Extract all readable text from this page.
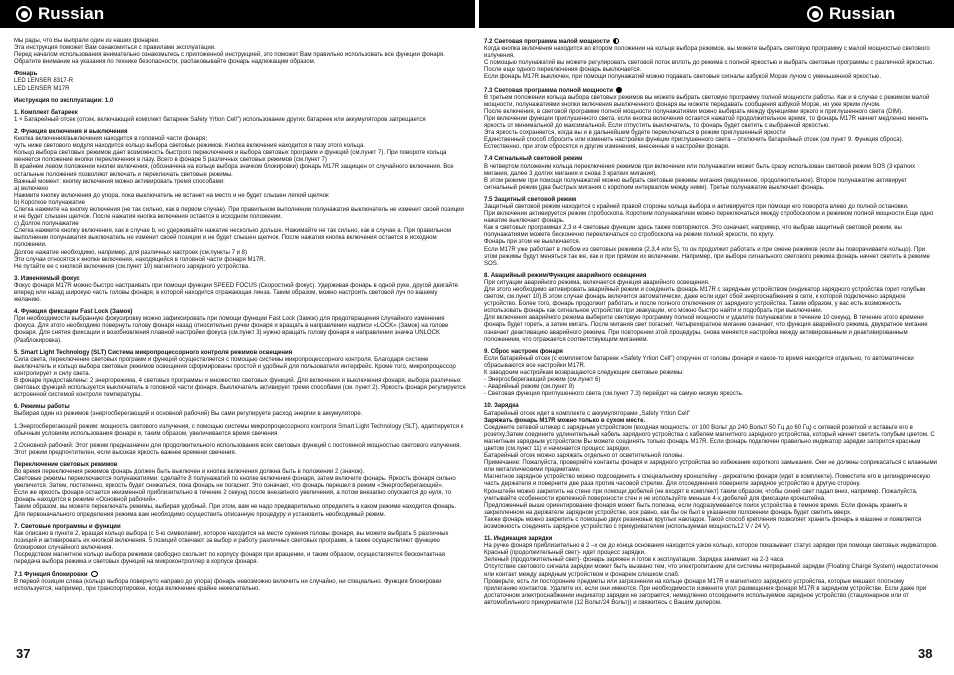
Russian	Russian

Мы рады, что Вы выбрали один из наших фонарей.

Эта инструкция поможет Вам ознакомиться с правилами эксплуатации.

Перед началом использования внимательно ознакомьтесь с приложенной инструкцией, это поможет Вам правильно использовать все функции фонаря.

Обратите внимание на указания по технике безопасности, распаковывайте фонарь надлежащим образом.

Фонарь

LED LENSER 8317-R

LED LENSER M17R

Инструкция по эксплуатации: 1.0

1. Комплект батареек

1 × Батарейный отсек (отсек, включающий комплект батареек Safety Yrtion Cell") использование других батареек или аккумуляторов запрещается

2. Функция включения и выключения

Кнопка включения/выключения находится в головной части фонаря;

чуть ниже светового модуля находится кольцо выбора световых режимов. Кнопка включения находится в пазу этого кольца.

Кольцо выбора световых режимов дает возможность быстрого переключения и выбора световых программ и функций (см.пункт 7). При повороте кольца меняется положение кнопки переключения в пазу. Всего в фонаре 5 различных световых режимов (см.пункт 7)

В крайнем левом положении кнопки включения, (обозначена на кольце выбора значком блокировки) фонарь M17R защищен от случайного включения. Все остальные положения позволяют включать и переключать световые режимы.

Важный момент: кнопку включения можно активировать тремя способами:

а) включено

Нажмите кнопку включения до упора, пока выключатель не встанет на место и не будет слышен легкий щелчок

b) Короткое полунажатие

Слегка нажмите на кнопку включения (не так сильно, как в первом случае). При правильном выполнении полунажатия выключатель не изменит своей позиции и не будет слышен щелчок. После нажатия кнопка включения остается в исходном положении.

с) Долгое полунажатие

Слегка нажмите кнопку включения, как в случае b, но удерживайте нажатие несколько дольше. Нажимайте не так сильно, как в случае а. При правильном выполнении полунажатия выключатель не изменит своей позиции и не будет слышен щелчок. После нажатия кнопка включения остается в исходном положении.

Долгое нажатие необходимо, например, для различных настроек (см.пункты 7 и 8)

Эти случаи относятся к кнопке включения, находящейся в головной части фонаря M17R.

Не путайте ее с кнопкой включения (см.пункт 10) магнитного зарядного устройства.

3. Изменяемый фокус

Фокус фонаря M17R можно быстро настраивать при помощи функции SPEED FOCUS (Скоростной фокус). Удерживая фонарь в одной руке, другой двигайте вперед или назад широкую часть головы фонаря, в которой находится отражающая линза. Таким образом, можно настроить световой луч по вашему желанию.

4. Функция фиксации Fast Lock (Замок)

При необходимости выбранную фокусировку можно зафиксировать при помощи функции Fast Lock (Замок) для предотвращения случайного изменения фокуса. Для этого необходимо повернуть голову фонаря назад относительно ручки фонаря и вращать в направлении надписи «LOCK» (Замок) на голове фонаря. Для снятия фиксации и возобновления плавной настройки фокуса (см.пункт 3) нужно вращать голову фонаря в направлении значка UNLOCK (Разблокировка).

5. Smart Light Technology (SLT) Система микропроцессорного контроля режимов освещения

Сила света, переключение световых программ и функций осуществляется с помощью системы микропроцессорного контроля. Благодаря системе выключатель и кольцо выбора световых режимов освещения сформированы простой и удобный для пользователя интерфейс. Кроме того, микропроцессор контролирует и силу света.

В фонаре предоставлены: 2 энергорежима, 4 световых программы и множество световых функций. Для включения и выключения фонаря, выбора различных световых функций используется выключатель в головной части фонаря. Выключатель активирует тремя способами (см. пункт 2). Яркость фонаря регулируется встроенной системой контроля температуры.

6. Режимы работы

Выбирая один из режимов (энергосберегающий и основной рабочий) Вы сами регулируете расход энергии в аккумуляторе.

1.Энергосберегающий режим: мощность светового излучения, с помощью системы микропроцессорного контроля Smart Light Technology (SLT), адаптируется к обычным условиям использования фонаря и, таким образом, увеличивается время свечения

2.Основной рабочий: Этот режим предназначен для продолжительного использования всех световых функций с постоянной мощностью светового излучения. Этот режим предпочтителен, если высокая яркость важнее времени свечения.

Переключение световых режимов

Во время переключения режимов фонарь должен быть выключен и кнопка включения должна быть в положении 2 (значок).

Световые режимы переключаются полунажатиями: сделайте 8 полунажатий по кнопке включения фонаря, затем включите фонарь. Яркость фонаря сильно увеличится. Затем, постепенно, яркость будет снижаться, пока фонарь не погаснет. Это означает, что фонарь перешел в режим «Энергосберегающий».

Если же яркость фонаря остается неизменной приблизительно в течение 2 секунд после внезапного увеличения, а потом внезапно опускается до нуля, то фонарь находится в режиме «Основной рабочий».

Таким образом, вы можете переключать режимы, выбирая удобный. При этом, вам не надо предварительно определять в каком режиме находится фонарь. Для первоначального определения режима вам необходимо осуществить описанную процедуру и установить необходимый режим.

7. Световые программы и функции

Как описано в пункте 2, вращая кольцо выбора (с 5-ю символами), которое находится на месте сужения головы фонаря, вы можете выбрать 5 различных позиций и активировать их кнопкой включения. 5 позиций отвечают за выбор и работу различных световых программ, а также осуществляют функцию блокировки случайного включения.

Посредством магнитное кольцо выбора режимов свободно скользит по корпусу фонаря при вращении, и таким образом, осуществляется бесконтактная передача выбора режима и световых функций на микроконтроллер в корпусе фонаря.

7.1 Функция блокировки

В первой позиции слева (кольцо выбора повернуто направо до упора) фонарь невозможно включить ни случайно, ни специально. Функция блокировки используется, например, при транспортировке, когда включение крайне нежелательно.

7.2 Световая программа малой мощности

Когда кнопка включения находится во втором положении на кольце выбора режимов, вы можете выбрать световую программу с малой мощностью светового излучения.

С помощью полунажатий вы можете регулировать световой поток вплоть до режима с полной яркостью и выбрать световые программы с различной яркостью. После еще одного переключения фонарь выключается.

Если фонарь M17R выключен, при помощи полунажатий можно подавать световые сигналы азбукой Морзе лучом с уменьшенной яркостью.

7.3 Световая программа полной мощности

В третьем положении кольца выбора световых режимов вы можете выбрать световую программу полной мощности работы. Как и в случае с режимом малой мощности, полунажатиями кнопки включения выключенного фонаря вы можете передавать сообщения азбукой Морзе, но уже ярким лучом.

После включения, в световой программе полной мощности полунажатиями можно выбирать между функциями яркого и приглушенного света (DIM).

При включении функции приглушенного света, если кнопка включения остается нажатой продолжительное время, то фонарь M17R начнет медленно менять яркость от минимальной до максимальной. Если отпустить выключатель, то фонарь будет светить с выбранной яркостью.

Эта яркость сохраняется, когда вы и в дальнейшем будете переключаться в режим приглушенный яркости

Единственный способ сбросить или изменить настройки функции приглушенного света – отключить батарейный отсек (см пункт 9. Функция сброса). Естественно, при этом сбросятся и другие изменения, внесенные в настройки фонаря.

7.4 Сигнальный световой режим

В четвертом положении кольца переключения режимов при включении или полунажатии может быть сразу использован световой режим SOS (3 кратких мигания, далее 3 долгих мигания и снова 3 кратких мигания).

В этом режиме при помощи полунажатий можно выбрать световые режимы мигания (медленное, продолжительное). Второе полунажатие активирует сигнальный режим (два быстрых мигания с коротким интервалом между ними). Третье полунажатие выключает фонарь.

7.5 Защитный световой режим

Защитный световой режим находится с крайней правой стороны кольца выбора и активируется при помощи его поворота влево до полной остановки.

При включении активируется режим стробоскопа. Коротким полунажатием можно переключаться между стробоскопом и режимом полной мощности.Еще одно нажатие выключает фонарь.

Как в световых программах 2,3 и 4 световые функции здесь также повторяются. Это означает, например, что выбрав защитный световой режим, вы полунажатиями можете бесконечно переключаться со стробоскопа на режим полной яркости, по кругу.

Фонарь при этом не выключается.

Если M17R уже работает в любом из световых режимов (2,3,4 или 5), то он продолжит работать и при смене режимов (если вы поворачиваете кольцо). При этом режимы будут меняться так же, как и при прямом их включении. Например, при выборе сигнального светового режима фонарь начнет светить в режиме SOS.

8. Аварийный режим/Функция аварийного освещения

При ситуации аварийного режима, включается функция аварийного освещения.

Для этого необходимо активировать аварийный режим и соединить фонарь M17R с зарядным устройством (индикатор зарядного устройства горит голубым светом, см.пункт 10).В этом случае фонарь включится автоматически, даже если идет сбой энергоснабжения в сети, к которой подключено зарядное устройство. Более того, фонарь продолжит работать и после полного отключения от зарядного устройства. Таким образом, у вас есть возможность использовать фонарь как сигнальное устройство при эвакуации, его можно быстро найти и подобрать при выключении.

Для включения аварийного режима выберите световую программу полной мощности и удалите полунажатие в течение 10 секунд. В течение этого времени фонарь будет гореть, а затем мигать. После мигания свет погаснет. Четырехкратное мигание означает, что функция аварийного режима, двукратное мигание означает деактивацию аварийного режима. При повторении этой процедуры, снова меняется настройка между активированным и деактивированным положением, что отражается соответствующим миганием.

9. Сброс настроек фонаря

Если батарейный отсек (с комплектом батареек «Safety Yrtion Cell") откручен от головы фонаря и какое-то время находится отдельно, то автоматически сбрасываются все настройки M17R.

К заводским настройкам возвращаются следующие световые режимы:

- Энергосберегающий режим (см.пункт 6)

- Аварийный режим (см.пункт 8)

- Световая функция приглушенного света (см.пункт 7.3) перейдет на самую низкую яркость.

10. Зарядка

Батарейный отсек идет в комплекте с аккумуляторами „Safety Yrtion Cell"

Заряжать фонарь M17R можно только в сухом месте.

Соедините сетевой штекер с зарядным устройством (входная мощность: от 100 Вольт до 240 Вольт/ 50 Гц до 60 Гц) с сетевой розеткой и вставьте его в розетку.Затем соедините удлинительный кабель зарядного устройства с кабелем магнитного зарядного устройства, который начнет светить голубым цветом. С магнитным зарядным устройством Вы можете соединять только фонарь M17R. Если фонарь подключен правильно индикатор зарядки загорится красным цветом (см.пункт 11) и начинается процесс зарядки.

Батарейный отсек можно заряжать отдельно от осветительной головы.

Примечание: Пожалуйста, проверяйте контакты фонаря и зарядного устройства во избежание короткого замыкания. Они не должны соприкасаться с влажными или металлическими предметами.

Магнитное зарядное устройство можно подсоединить к специальному кронштейну - держателю фонаря (идет в комплекте). Поместите его в цилиндрическую часть держателя и поверните две раза против часовой стрелки. Для отсоединения поверните зарядное устройство в другую сторону.

Кронштейн можно закрепить на стене при помощи дюбелей (не входят в комплект) таким образом, чтобы синий свет падал вниз, например. Пожалуйста, учитывайте особенности крепежной поверхности стен и не используйте меньше 4-х дюбелей для фиксации кронштейна.

Предложенный выше ориентирование фонаря может быть полезна, если подразумевается поиск устройства в темное время. Если фонарь хранить в закрепленном на держателе зарядном устройстве, все равно, как бы он был в указанном положении фонарь будет светить вверх.

Также фонарь можно закрепить с помощью двух резиновых круглых накладок. Такой способ крепления позволяет хранить фонарь в машине и появляется возможность соединять зарядное устройство с прикуривателем (используемая мощность12 V / 24 V).

11. Индикация зарядки

На ручке фонаря приблизительно в 2 –х см до конца основания находится узкое кольцо, которое показывает статус зарядки при помощи световых индикаторов.

Красный (продолжительный свет)- идет процесс зарядки.

Зеленый (продолжительный свет)- фонарь заряжен и готов к эксплуатации. Зарядка занимает на 2-3 часа

Отсутствие светового сигнала зарядки может быть вызвано тем, что электропитание для системы непрерывной зарядки (Floating Charge System) недостаточное или контакт между зарядным устройством и фонарем слишком слаб.

Проверьте, есть ли посторонние предметы или загрязнения на кольце фонаря M17R и магнитного зарядного устройства, которые мешают плотному прилеганию контактов. Удалите их, если они имеются. При необходимости измените угол размещения фонаря M17R в зарядном устройстве. Если даже при достаточном электроснабжении индикатор зарядки не загорается, немедленно отсоедините используемое зарядное устройство (стационарное или от автомобильного прикуривателя (12 Вольт/24 Вольт)) и свяжитесь с Вашим дилером.

37	38
